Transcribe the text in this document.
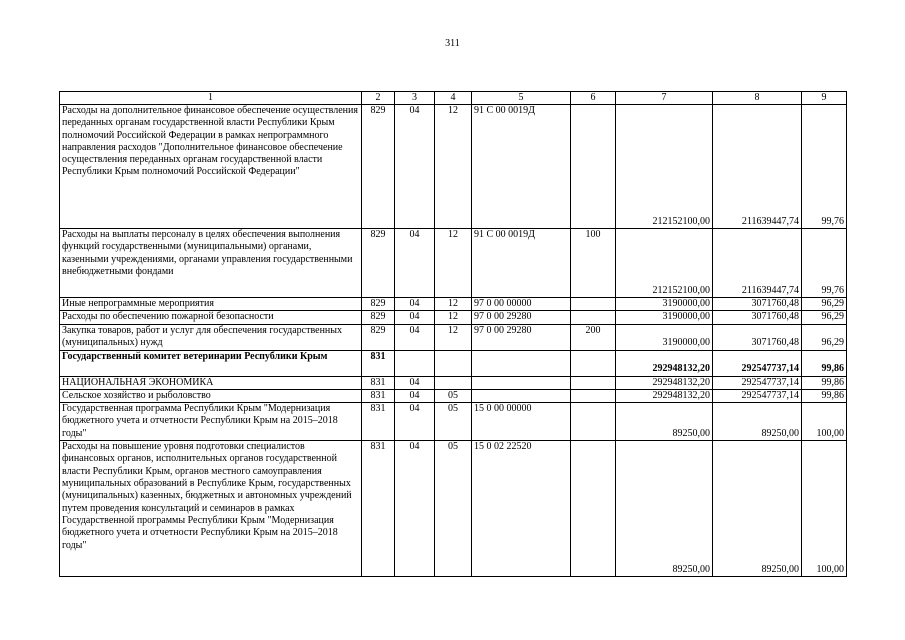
311
1	2	3	4	5	6	7	8	9
Расходы на дополнительное финансовое обеспечение осуществления переданных органам государственной власти Республики Крым полномочий Российской Федерации в рамках непрограммного направления расходов "Дополнительное финансовое обеспечение осуществления переданных органам государственной власти Республики Крым полномочий Российской Федерации"	829	04	12	91 С 00 0019Д		212152100,00	211639447,74	99,76
Расходы на выплаты персоналу в целях обеспечения выполнения функций государственными (муниципальными) органами, казенными учреждениями, органами управления государственными внебюджетными фондами	829	04	12	91 С 00 0019Д	100	212152100,00	211639447,74	99,76
Иные непрограммные мероприятия	829	04	12	97 0 00 00000		3190000,00	3071760,48	96,29
Расходы по обеспечению пожарной безопасности	829	04	12	97 0 00 29280		3190000,00	3071760,48	96,29
Закупка товаров, работ и услуг для обеспечения государственных (муниципальных) нужд	829	04	12	97 0 00 29280	200	3190000,00	3071760,48	96,29
Государственный комитет ветеринарии Республики Крым	831					292948132,20	292547737,14	99,86
НАЦИОНАЛЬНАЯ ЭКОНОМИКА	831	04				292948132,20	292547737,14	99,86
Сельское хозяйство и рыболовство	831	04	05			292948132,20	292547737,14	99,86
Государственная программа Республики Крым "Модернизация бюджетного учета и отчетности Республики Крым на 2015–2018 годы"	831	04	05	15 0 00 00000		89250,00	89250,00	100,00
Расходы на повышение уровня подготовки специалистов финансовых органов, исполнительных органов государственной власти Республики Крым, органов местного самоуправления муниципальных образований в Республике Крым, государственных (муниципальных) казенных, бюджетных и автономных учреждений путем проведения консультаций и семинаров в рамках Государственной программы Республики Крым "Модернизация бюджетного учета и отчетности Республики Крым на 2015–2018 годы"	831	04	05	15 0 02 22520		89250,00	89250,00	100,00
